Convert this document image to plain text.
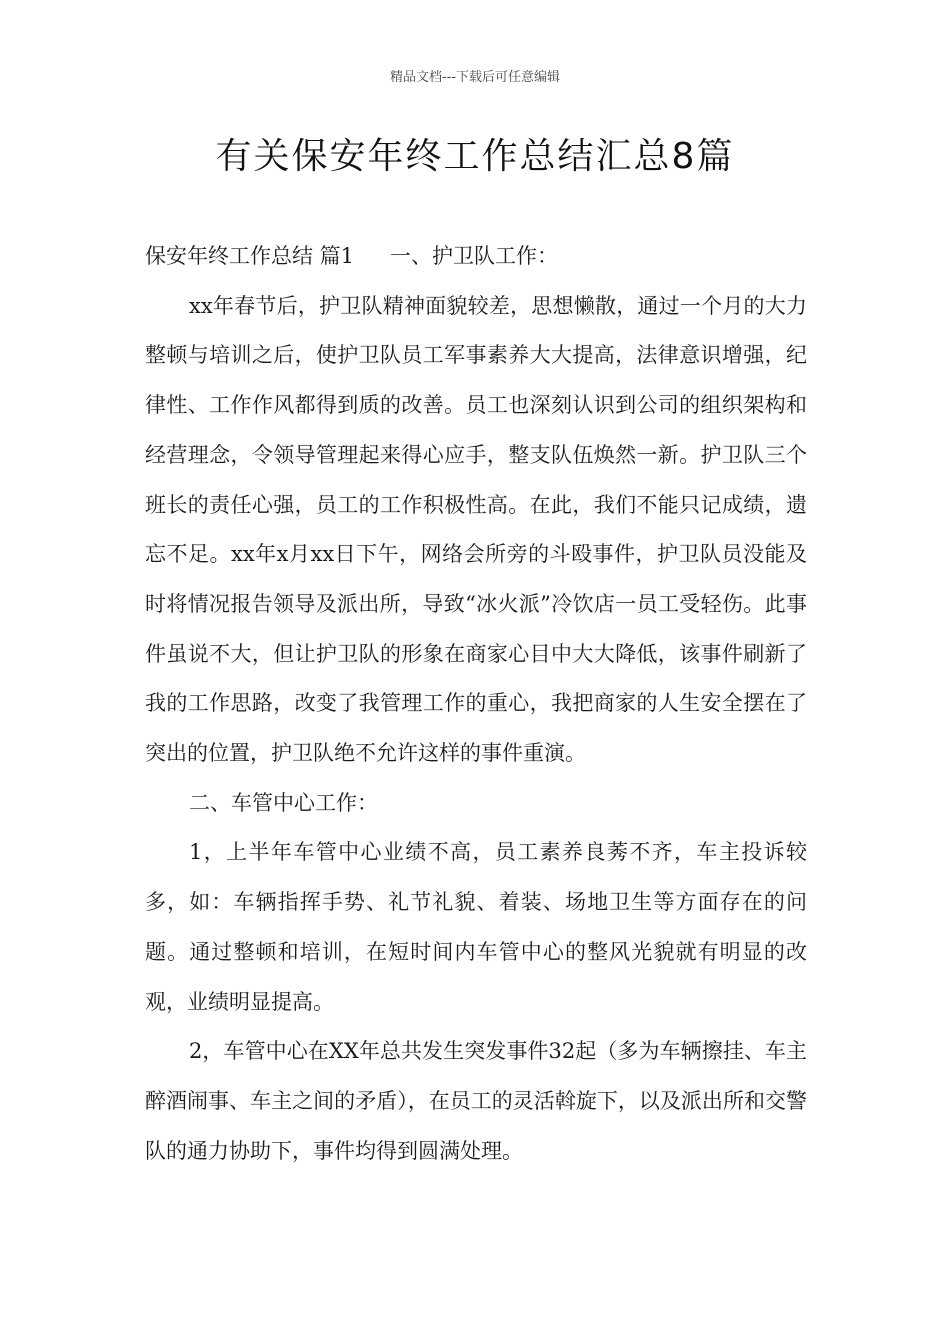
精品文档---下载后可任意编辑
有关保安年终工作总结汇总8篇

保安年终工作总结 篇1 一、护卫队工作：

xx年春节后，护卫队精神面貌较差，思想懒散，通过一个月的大力整顿与培训之后，使护卫队员工军事素养大大提高，法律意识增强，纪律性、工作作风都得到质的改善。员工也深刻认识到公司的组织架构和经营理念，令领导管理起来得心应手，整支队伍焕然一新。护卫队三个班长的责任心强，员工的工作积极性高。在此，我们不能只记成绩，遗忘不足。xx年x月xx日下午，网络会所旁的斗殴事件，护卫队员没能及时将情况报告领导及派出所，导致“冰火派”冷饮店一员工受轻伤。此事件虽说不大，但让护卫队的形象在商家心目中大大降低，该事件刷新了我的工作思路，改变了我管理工作的重心，我把商家的人生安全摆在了突出的位置，护卫队绝不允许这样的事件重演。

二、车管中心工作：

1，上半年车管中心业绩不高，员工素养良莠不齐，车主投诉较多，如：车辆指挥手势、礼节礼貌、着装、场地卫生等方面存在的问题。通过整顿和培训，在短时间内车管中心的整风光貌就有明显的改观，业绩明显提高。

2，车管中心在XX年总共发生突发事件32起（多为车辆擦挂、车主醉酒闹事、车主之间的矛盾），在员工的灵活斡旋下，以及派出所和交警队的通力协助下，事件均得到圆满处理。
